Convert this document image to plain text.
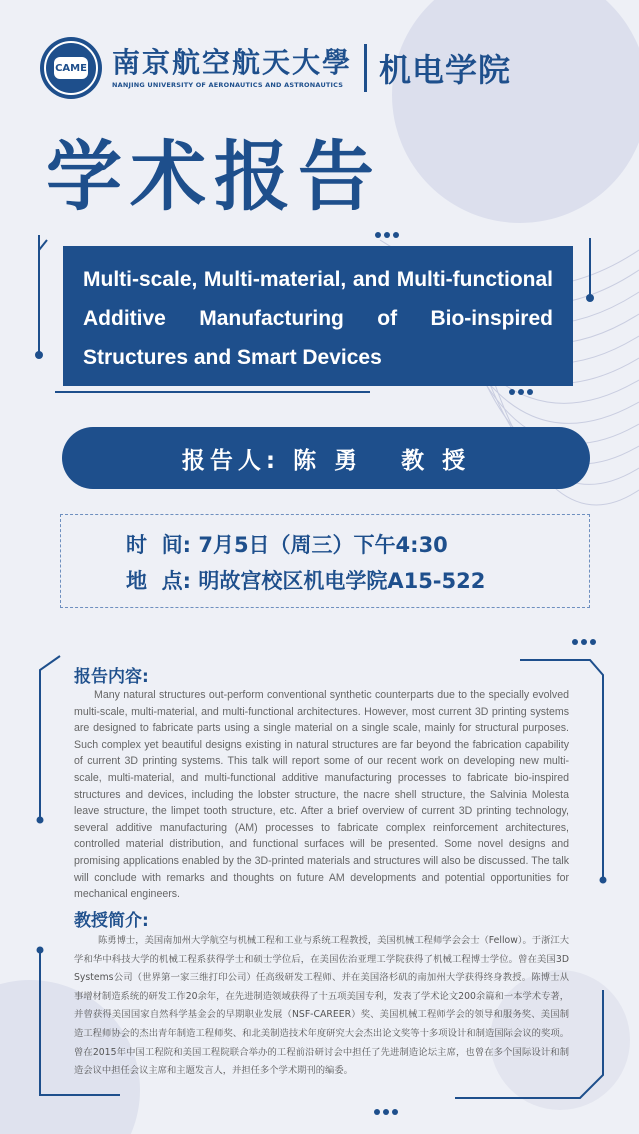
CAME 南京航空航天大學
NANJING UNIVERSITY OF AERONAUTICS AND ASTRONAUTICS 机电学院
学术报告
Multi-scale, Multi-material, and Multi-functional Additive Manufacturing of Bio-inspired Structures and Smart Devices
报告人: 陈 勇   教 授
时  间: 7月5日（周三）下午4:30
地  点: 明故宫校区机电学院A15-522
报告内容:

Many natural structures out-perform conventional synthetic counterparts due to the specially evolved multi-scale, multi-material, and multi-functional architectures. However, most current 3D printing systems are designed to fabricate parts using a single material on a single scale, mainly for structural purposes. Such complex yet beautiful designs existing in natural structures are far beyond the fabrication capability of current 3D printing systems. This talk will report some of our recent work on developing new multi-scale, multi-material, and multi-functional additive manufacturing processes to fabricate bio-inspired structures and devices, including the lobster structure, the nacre shell structure, the Salvinia Molesta leave structure, the limpet tooth structure, etc. After a brief overview of current 3D printing technology, several additive manufacturing (AM) processes to fabricate complex reinforcement architectures, controlled material distribution, and functional surfaces will be presented. Some novel designs and promising applications enabled by the 3D-printed materials and structures will also be discussed. The talk will conclude with remarks and thoughts on future AM developments and potential opportunities for mechanical engineers.

教授简介:

陈勇博士，美国南加州大学航空与机械工程和工业与系统工程教授，美国机械工程师学会会士（Fellow）。于浙江大学和华中科技大学的机械工程系获得学士和硕士学位后，在美国佐治亚理工学院获得了机械工程博士学位。曾在美国3D Systems公司（世界第一家三维打印公司）任高级研发工程师、并在美国洛杉矶的南加州大学获得终身教授。陈博士从事增材制造系统的研发工作20余年，在先进制造领域获得了十五项美国专利，发表了学术论文200余篇和一本学术专著，并曾获得美国国家自然科学基金会的早期职业发展（NSF-CAREER）奖、美国机械工程师学会的领导和服务奖、美国制造工程师协会的杰出青年制造工程师奖、和北美制造技术年度研究大会杰出论文奖等十多项设计和制造国际会议的奖项。曾在2015年中国工程院和美国工程院联合举办的工程前沿研讨会中担任了先进制造论坛主席，也曾在多个国际设计和制造会议中担任会议主席和主题发言人，并担任多个学术期刊的编委。
